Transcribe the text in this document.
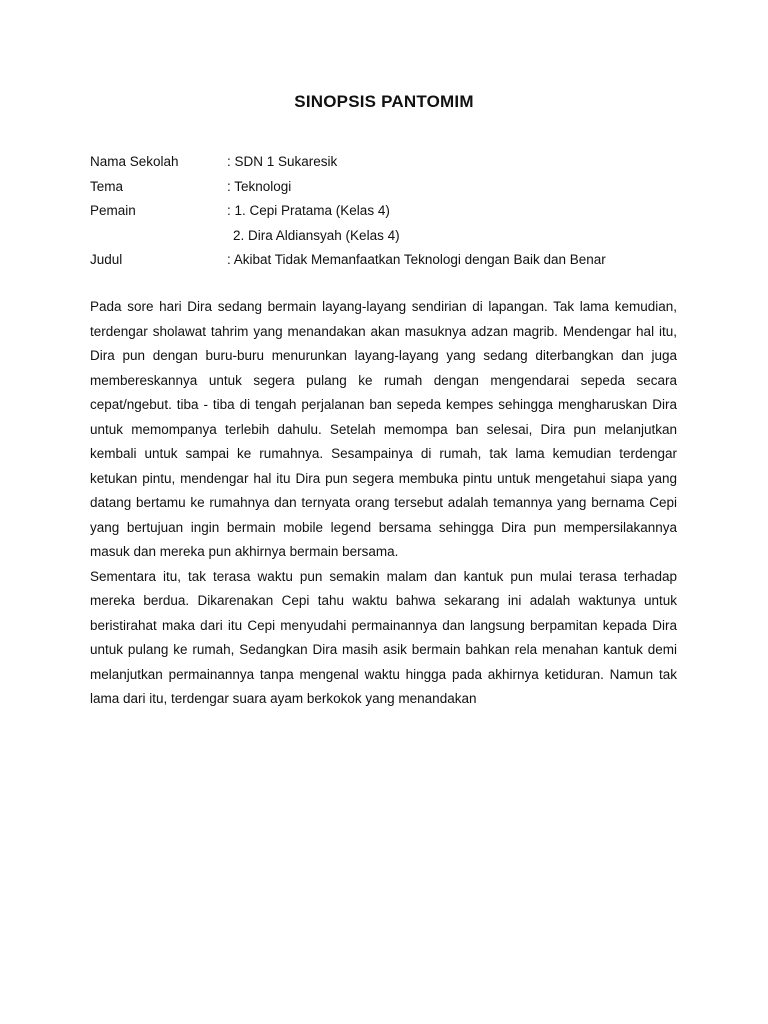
SINOPSIS PANTOMIM
Nama Sekolah	: SDN 1 Sukaresik
Tema	: Teknologi
Pemain	: 1. Cepi Pratama (Kelas 4)
2. Dira Aldiansyah (Kelas 4)
Judul	: Akibat Tidak Memanfaatkan Teknologi dengan Baik dan Benar

Pada sore hari Dira sedang bermain layang-layang sendirian di lapangan. Tak lama kemudian, terdengar sholawat tahrim yang menandakan akan masuknya adzan magrib. Mendengar hal itu, Dira pun dengan buru-buru menurunkan layang-layang yang sedang diterbangkan dan juga membereskannya untuk segera pulang ke rumah dengan mengendarai sepeda secara cepat/ngebut. tiba - tiba di tengah perjalanan ban sepeda kempes sehingga mengharuskan Dira untuk memompanya terlebih dahulu. Setelah memompa ban selesai, Dira pun melanjutkan kembali untuk sampai ke rumahnya. Sesampainya di rumah, tak lama kemudian terdengar ketukan pintu, mendengar hal itu Dira pun segera membuka pintu untuk mengetahui siapa yang datang bertamu ke rumahnya dan ternyata orang tersebut adalah temannya yang bernama Cepi yang bertujuan ingin bermain mobile legend bersama sehingga Dira pun mempersilakannya masuk dan mereka pun akhirnya bermain bersama.

Sementara itu, tak terasa waktu pun semakin malam dan kantuk pun mulai terasa terhadap mereka berdua. Dikarenakan Cepi tahu waktu bahwa sekarang ini adalah waktunya untuk beristirahat maka dari itu Cepi menyudahi permainannya dan langsung berpamitan kepada Dira untuk pulang ke rumah, Sedangkan Dira masih asik bermain bahkan rela menahan kantuk demi melanjutkan permainannya tanpa mengenal waktu hingga pada akhirnya ketiduran. Namun tak lama dari itu, terdengar suara ayam berkokok yang menandakan
